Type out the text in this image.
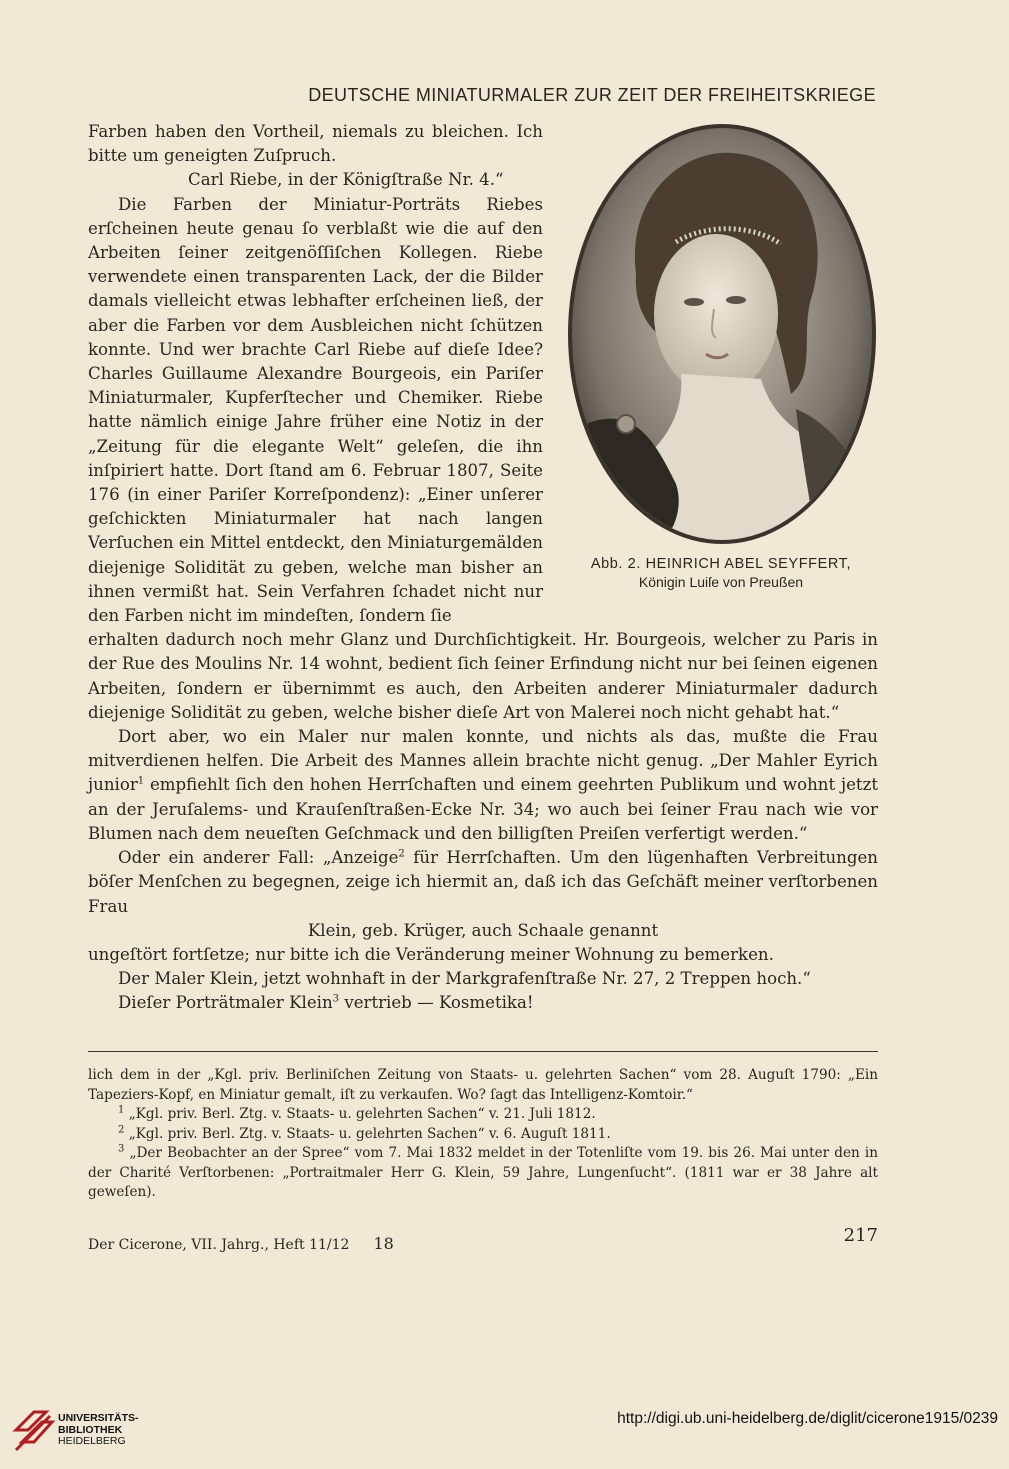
DEUTSCHE MINIATURMALER ZUR ZEIT DER FREIHEITSKRIEGE
Abb. 2. HEINRICH ABEL SEYFFERT,
Königin Luiſe von Preußen

Farben haben den Vortheil, niemals zu bleichen. Ich bitte um geneigten Zuſpruch.

Carl Riebe, in der Königſtraße Nr. 4.“

Die Farben der Miniatur-Porträts Riebes erſcheinen heute genau ſo verblaßt wie die auf den Arbeiten ſeiner zeitgenöſſiſchen Kollegen. Riebe verwendete einen transparenten Lack, der die Bilder damals vielleicht etwas lebhafter erſcheinen ließ, der aber die Farben vor dem Ausbleichen nicht ſchützen konnte. Und wer brachte Carl Riebe auf dieſe Idee? Charles Guillaume Alexandre Bourgeois, ein Pariſer Miniaturmaler, Kupferſtecher und Chemiker. Riebe hatte nämlich einige Jahre früher eine Notiz in der „Zeitung für die elegante Welt“ geleſen, die ihn inſpiriert hatte. Dort ſtand am 6. Februar 1807, Seite 176 (in einer Pariſer Korreſpondenz): „Einer unſerer geſchickten Miniaturmaler hat nach langen Verſuchen ein Mittel entdeckt, den Miniaturgemälden diejenige Solidität zu geben, welche man bisher an ihnen vermißt hat. Sein Verfahren ſchadet nicht nur den Farben nicht im mindeſten, ſondern ſie

erhalten dadurch noch mehr Glanz und Durchſichtigkeit. Hr. Bourgeois, welcher zu Paris in der Rue des Moulins Nr. 14 wohnt, bedient ſich ſeiner Erfindung nicht nur bei ſeinen eigenen Arbeiten, ſondern er übernimmt es auch, den Arbeiten anderer Miniaturmaler dadurch diejenige Solidität zu geben, welche bisher dieſe Art von Malerei noch nicht gehabt hat.“

Dort aber, wo ein Maler nur malen konnte, und nichts als das, mußte die Frau mitverdienen helfen. Die Arbeit des Mannes allein brachte nicht genug. „Der Mahler Eyrich junior$^1$ empfiehlt ſich den hohen Herrſchaften und einem geehrten Publikum und wohnt jetzt an der Jeruſalems- und Krauſenſtraßen-Ecke Nr. 34; wo auch bei ſeiner Frau nach wie vor Blumen nach dem neueſten Geſchmack und den billigſten Preiſen verfertigt werden.“

Oder ein anderer Fall: „Anzeige$^2$ für Herrſchaften. Um den lügenhaften Verbreitungen böſer Menſchen zu begegnen, zeige ich hiermit an, daß ich das Geſchäft meiner verſtorbenen Frau

Klein, geb. Krüger, auch Schaale genannt

ungeſtört fortſetze; nur bitte ich die Veränderung meiner Wohnung zu bemerken.

Der Maler Klein, jetzt wohnhaft in der Markgrafenſtraße Nr. 27, 2 Treppen hoch.“

Dieſer Porträtmaler Klein$^3$ vertrieb — Kosmetika!

lich dem in der „Kgl. priv. Berliniſchen Zeitung von Staats- u. gelehrten Sachen“ vom 28. Auguſt 1790: „Ein Tapeziers-Kopf, en Miniatur gemalt, iſt zu verkaufen. Wo? ſagt das Intelligenz-Komtoir.“

$^1$ „Kgl. priv. Berl. Ztg. v. Staats- u. gelehrten Sachen“ v. 21. Juli 1812.

$^2$ „Kgl. priv. Berl. Ztg. v. Staats- u. gelehrten Sachen“ v. 6. Auguſt 1811.

$^3$ „Der Beobachter an der Spree“ vom 7. Mai 1832 meldet in der Totenliſte vom 19. bis 26. Mai unter den in der Charité Verſtorbenen: „Portraitmaler Herr G. Klein, 59 Jahre, Lungenſucht“. (1811 war er 38 Jahre alt geweſen).

Der Cicerone, VII. Jahrg., Heft 11/12 18	217
UNIVERSITÄTS-
BIBLIOTHEK
HEIDELBERG
http://digi.ub.uni-heidelberg.de/diglit/cicerone1915/0239
